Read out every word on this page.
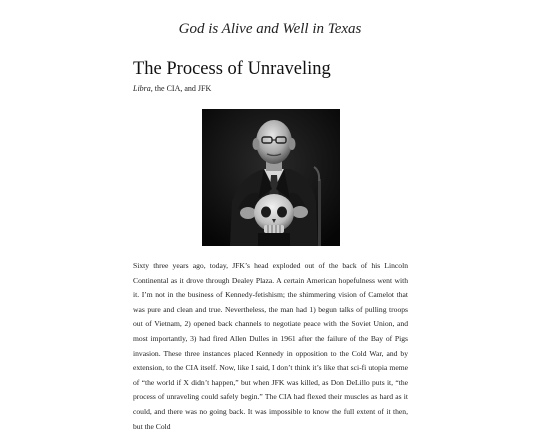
God is Alive and Well in Texas
The Process of Unraveling
Libra, the CIA, and JFK

Sixty three years ago, today, JFK’s head exploded out of the back of his Lincoln Continental as it drove through Dealey Plaza. A certain American hopefulness went with it. I’m not in the business of Kennedy-fetishism; the shimmering vision of Camelot that was pure and clean and true. Nevertheless, the man had 1) begun talks of pulling troops out of Vietnam, 2) opened back channels to negotiate peace with the Soviet Union, and most importantly, 3) had fired Allen Dulles in 1961 after the failure of the Bay of Pigs invasion. These three instances placed Kennedy in opposition to the Cold War, and by extension, to the CIA itself. Now, like I said, I don’t think it’s like that sci-fi utopia meme of “the world if X didn’t happen,” but when JFK was killed, as Don DeLillo puts it, “the process of unraveling could safely begin.” The CIA had flexed their muscles as hard as it could, and there was no going back. It was impossible to know the full extent of it then, but the Cold
